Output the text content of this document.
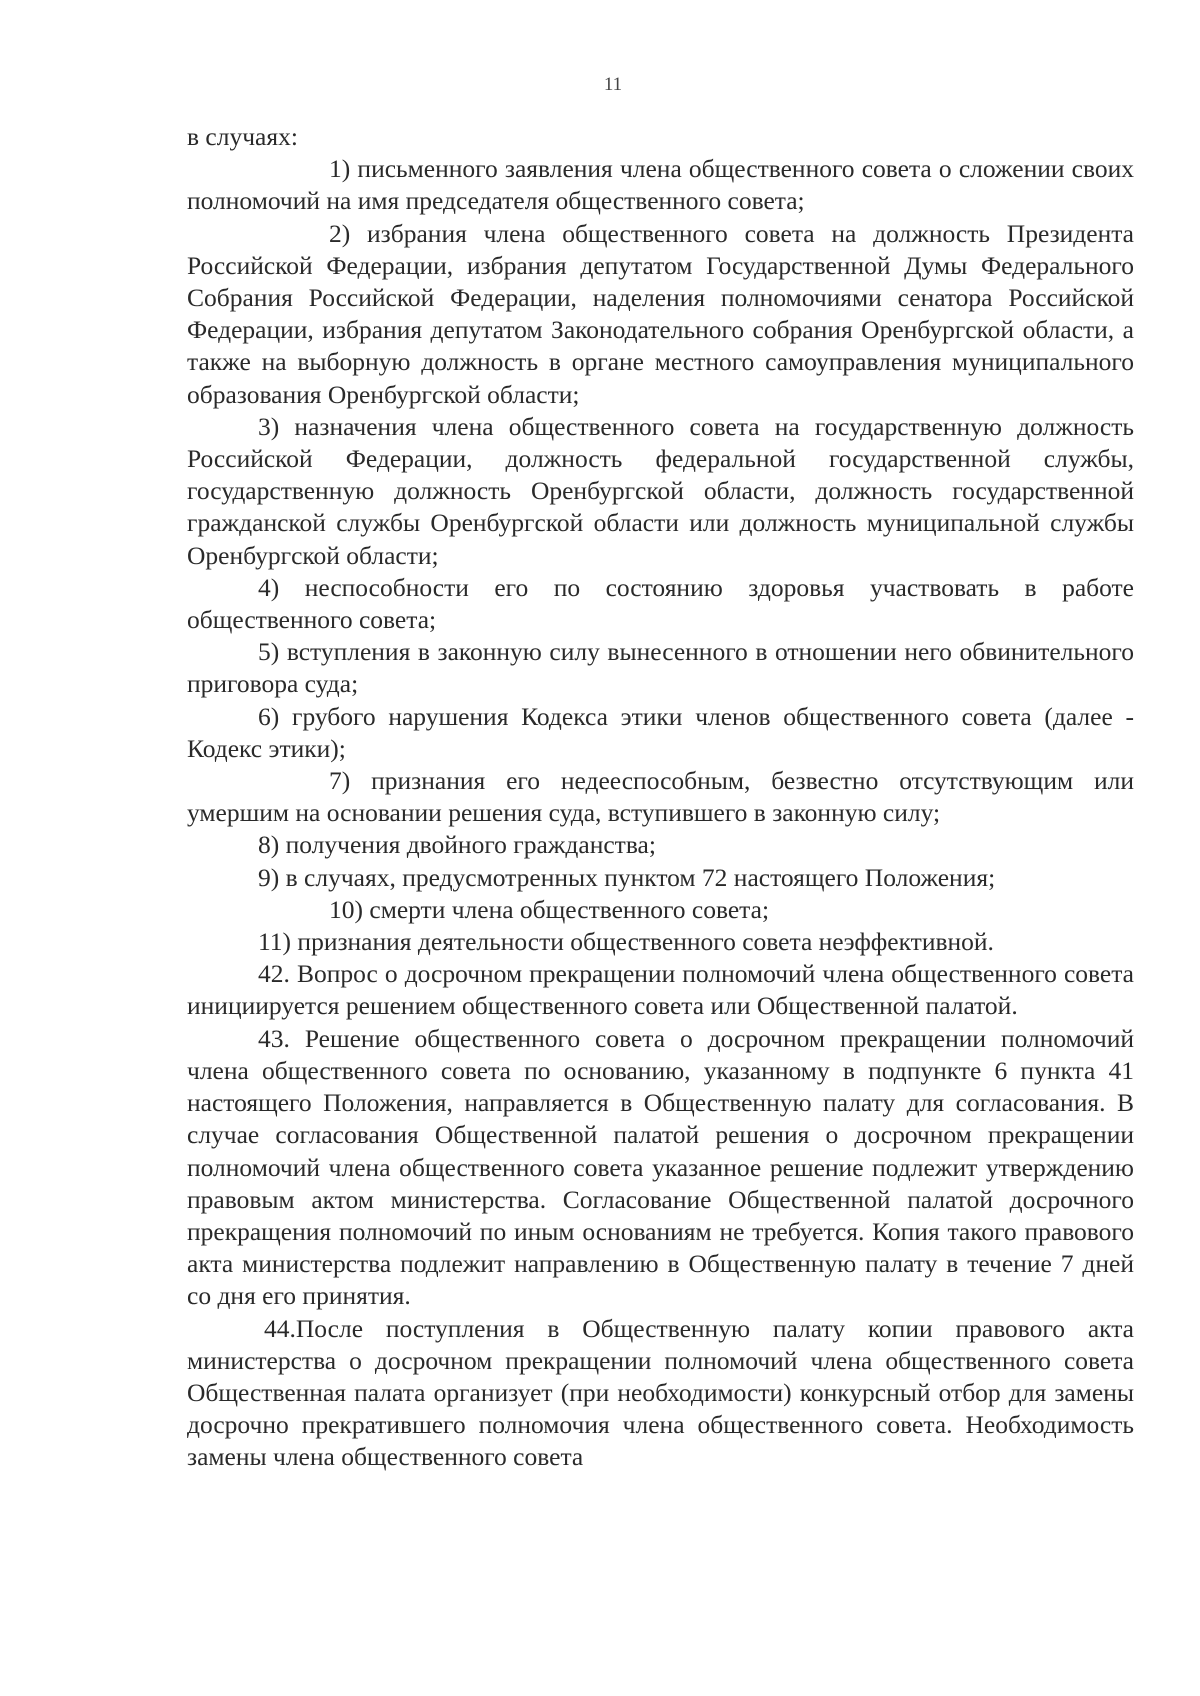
11

в случаях:

1) письменного заявления члена общественного совета о сложении своих полномочий на имя председателя общественного совета;

2) избрания члена общественного совета на должность Президента Российской Федерации, избрания депутатом Государственной Думы Федерального Собрания Российской Федерации, наделения полномочиями сенатора Российской Федерации, избрания депутатом Законодательного собрания Оренбургской области, а также на выборную должность в органе местного самоуправления муниципального образования Оренбургской области;

3) назначения члена общественного совета на государственную должность Российской Федерации, должность федеральной государственной службы, государственную должность Оренбургской области, должность государственной гражданской службы Оренбургской области или должность муниципальной службы Оренбургской области;

4) неспособности его по состоянию здоровья участвовать в работе общественного совета;

5) вступления в законную силу вынесенного в отношении него обвинительного приговора суда;

6) грубого нарушения Кодекса этики членов общественного совета (далее - Кодекс этики);

7) признания его недееспособным, безвестно отсутствующим или умершим на основании решения суда, вступившего в законную силу;

8) получения двойного гражданства;

9) в случаях, предусмотренных пунктом 72 настоящего Положения;

10) смерти члена общественного совета;

11) признания деятельности общественного совета неэффективной.

42. Вопрос о досрочном прекращении полномочий члена общественного совета инициируется решением общественного совета или Общественной палатой.

43. Решение общественного совета о досрочном прекращении полномочий члена общественного совета по основанию, указанному в подпункте 6 пункта 41 настоящего Положения, направляется в Общественную палату для согласования. В случае согласования Общественной палатой решения о досрочном прекращении полномочий члена общественного совета указанное решение подлежит утверждению правовым актом министерства. Согласование Общественной палатой досрочного прекращения полномочий по иным основаниям не требуется. Копия такого правового акта министерства подлежит направлению в Общественную палату в течение 7 дней со дня его принятия.

44.После поступления в Общественную палату копии правового акта министерства о досрочном прекращении полномочий члена общественного совета Общественная палата организует (при необходимости) конкурсный отбор для замены досрочно прекратившего полномочия члена общественного совета. Необходимость замены члена общественного совета
